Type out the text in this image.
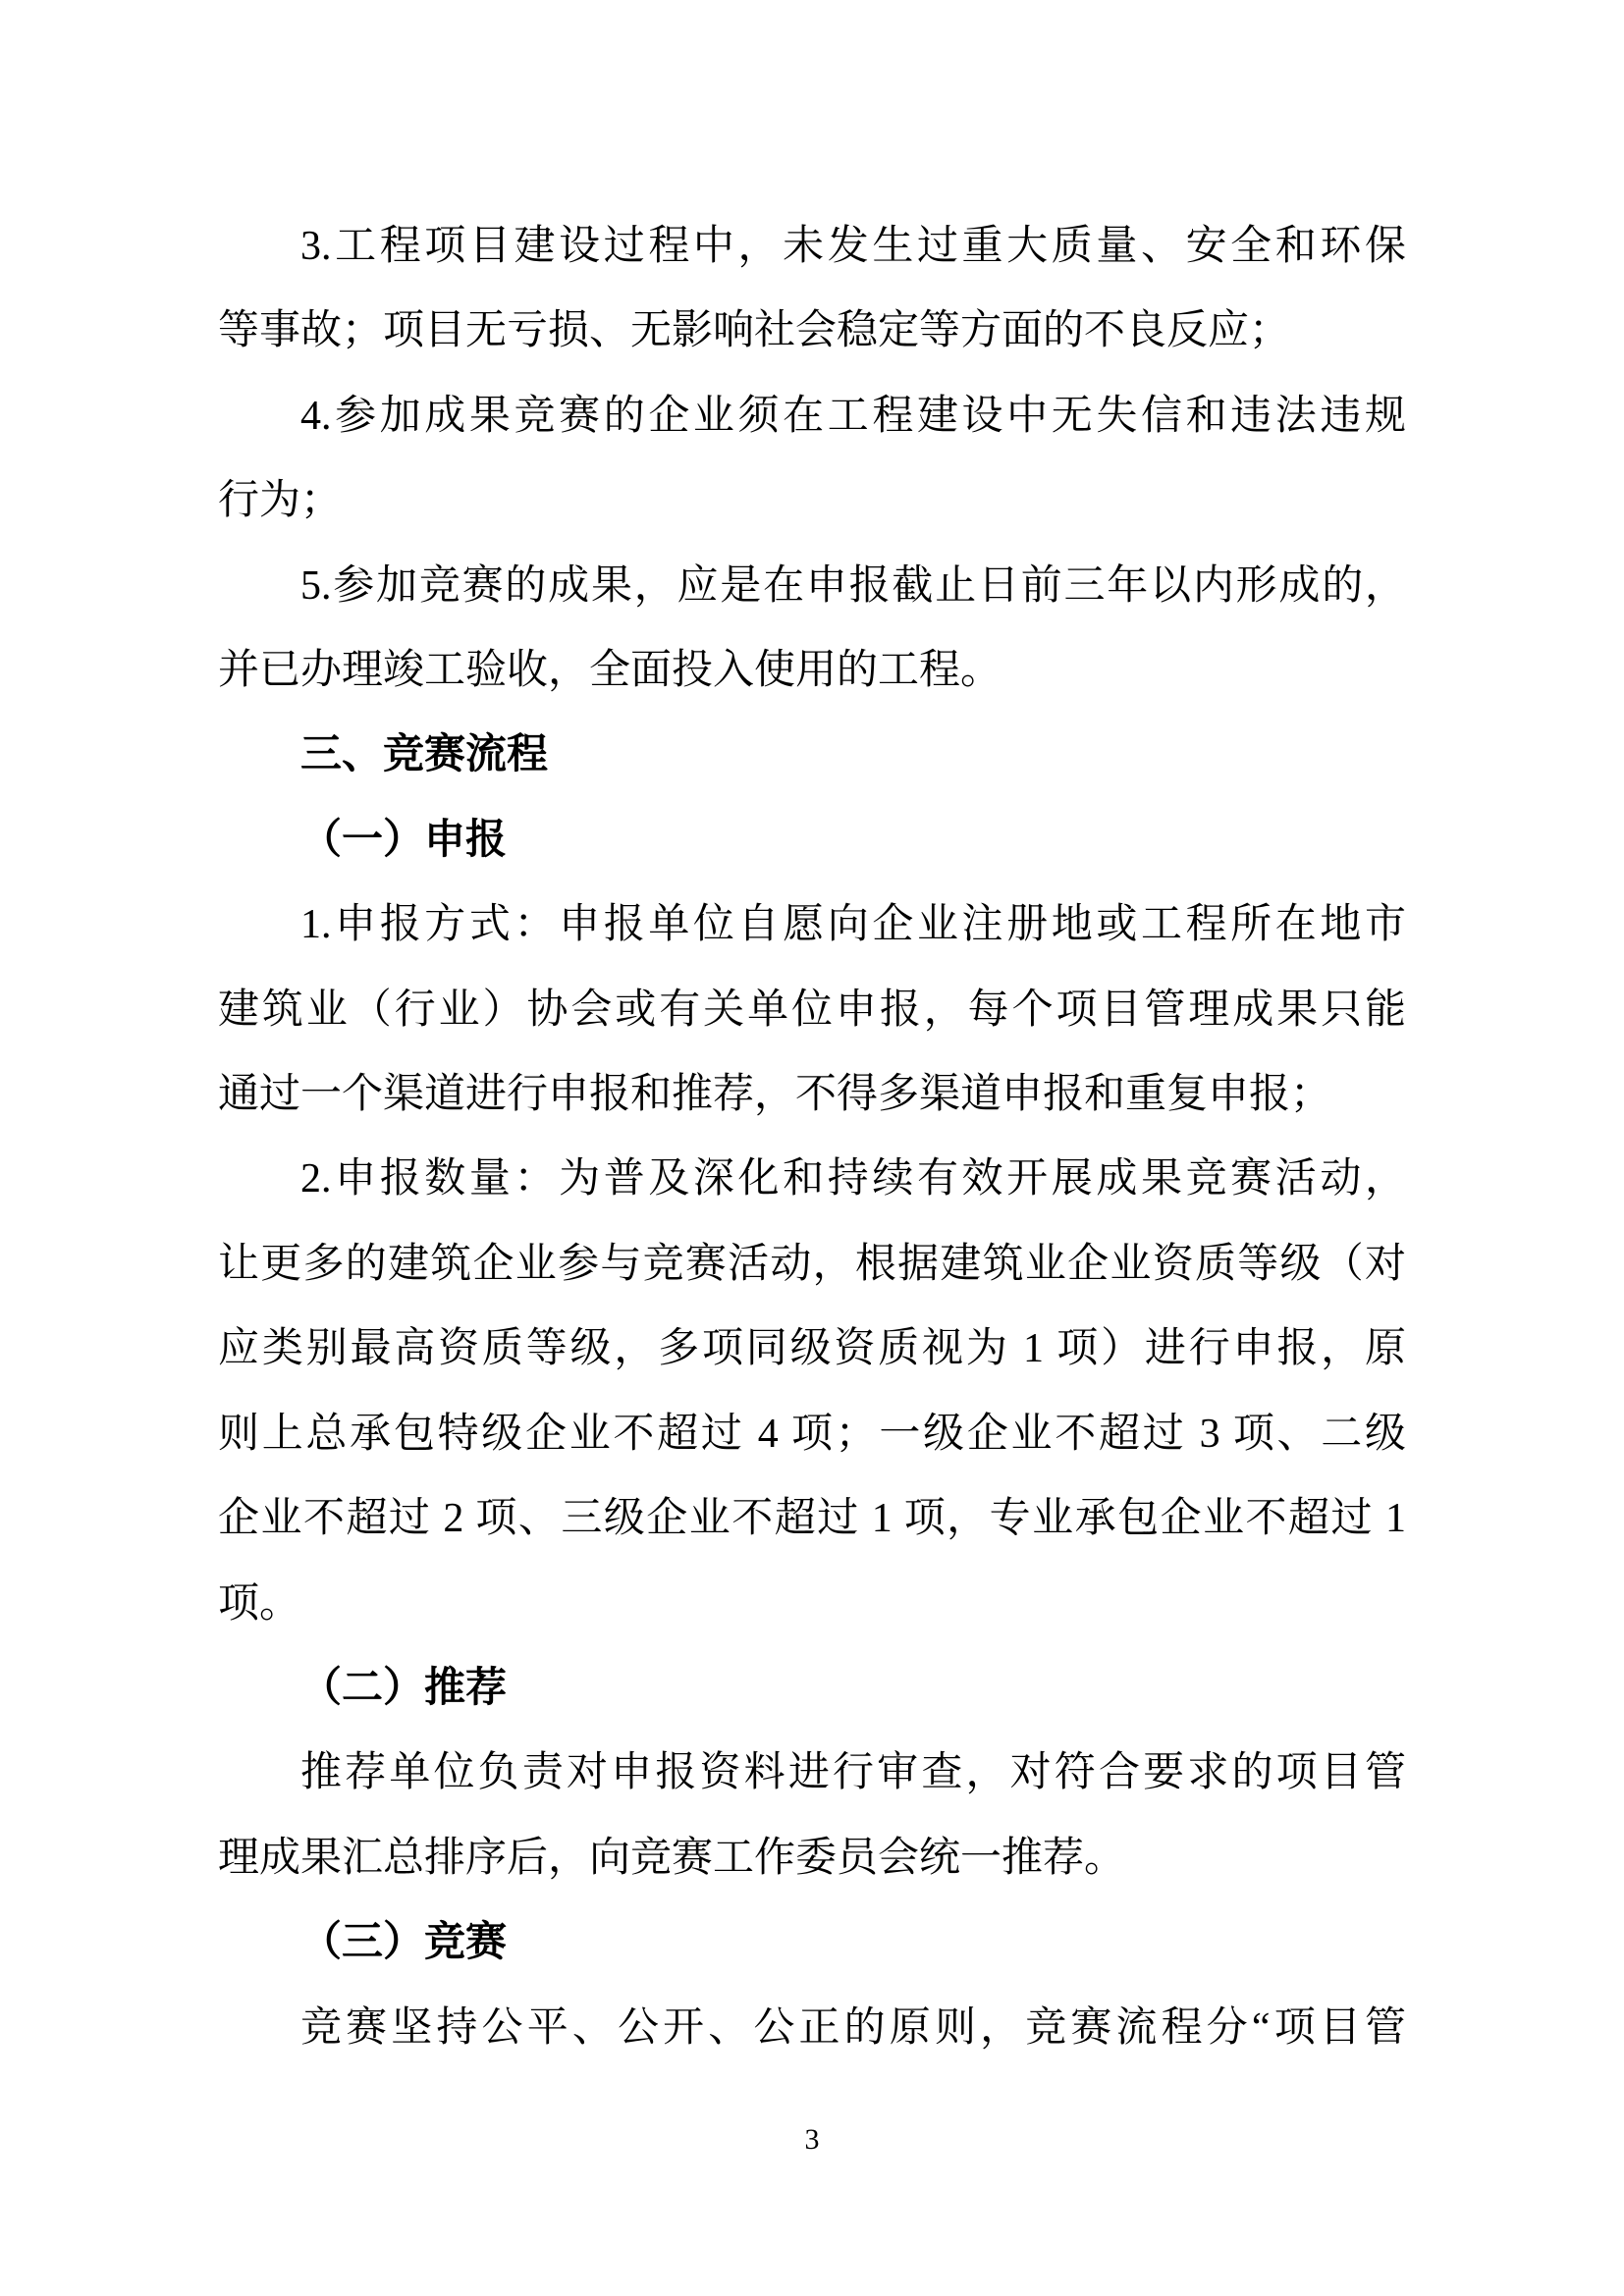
3.工程项目建设过程中，未发生过重大质量、安全和环保
等事故；项目无亏损、无影响社会稳定等方面的不良反应；
4.参加成果竞赛的企业须在工程建设中无失信和违法违规
行为；
5.参加竞赛的成果，应是在申报截止日前三年以内形成的，
并已办理竣工验收，全面投入使用的工程。
三、竞赛流程
（一）申报
1.申报方式：申报单位自愿向企业注册地或工程所在地市
建筑业（行业）协会或有关单位申报，每个项目管理成果只能
通过一个渠道进行申报和推荐，不得多渠道申报和重复申报；
2.申报数量：为普及深化和持续有效开展成果竞赛活动，
让更多的建筑企业参与竞赛活动，根据建筑业企业资质等级（对
应类别最高资质等级，多项同级资质视为 1 项）进行申报，原
则上总承包特级企业不超过 4 项；一级企业不超过 3 项、二级
企业不超过 2 项、三级企业不超过 1 项，专业承包企业不超过 1
项。
（二）推荐
推荐单位负责对申报资料进行审查，对符合要求的项目管
理成果汇总排序后，向竞赛工作委员会统一推荐。
（三）竞赛
竞赛坚持公平、公开、公正的原则，竞赛流程分“项目管
3
